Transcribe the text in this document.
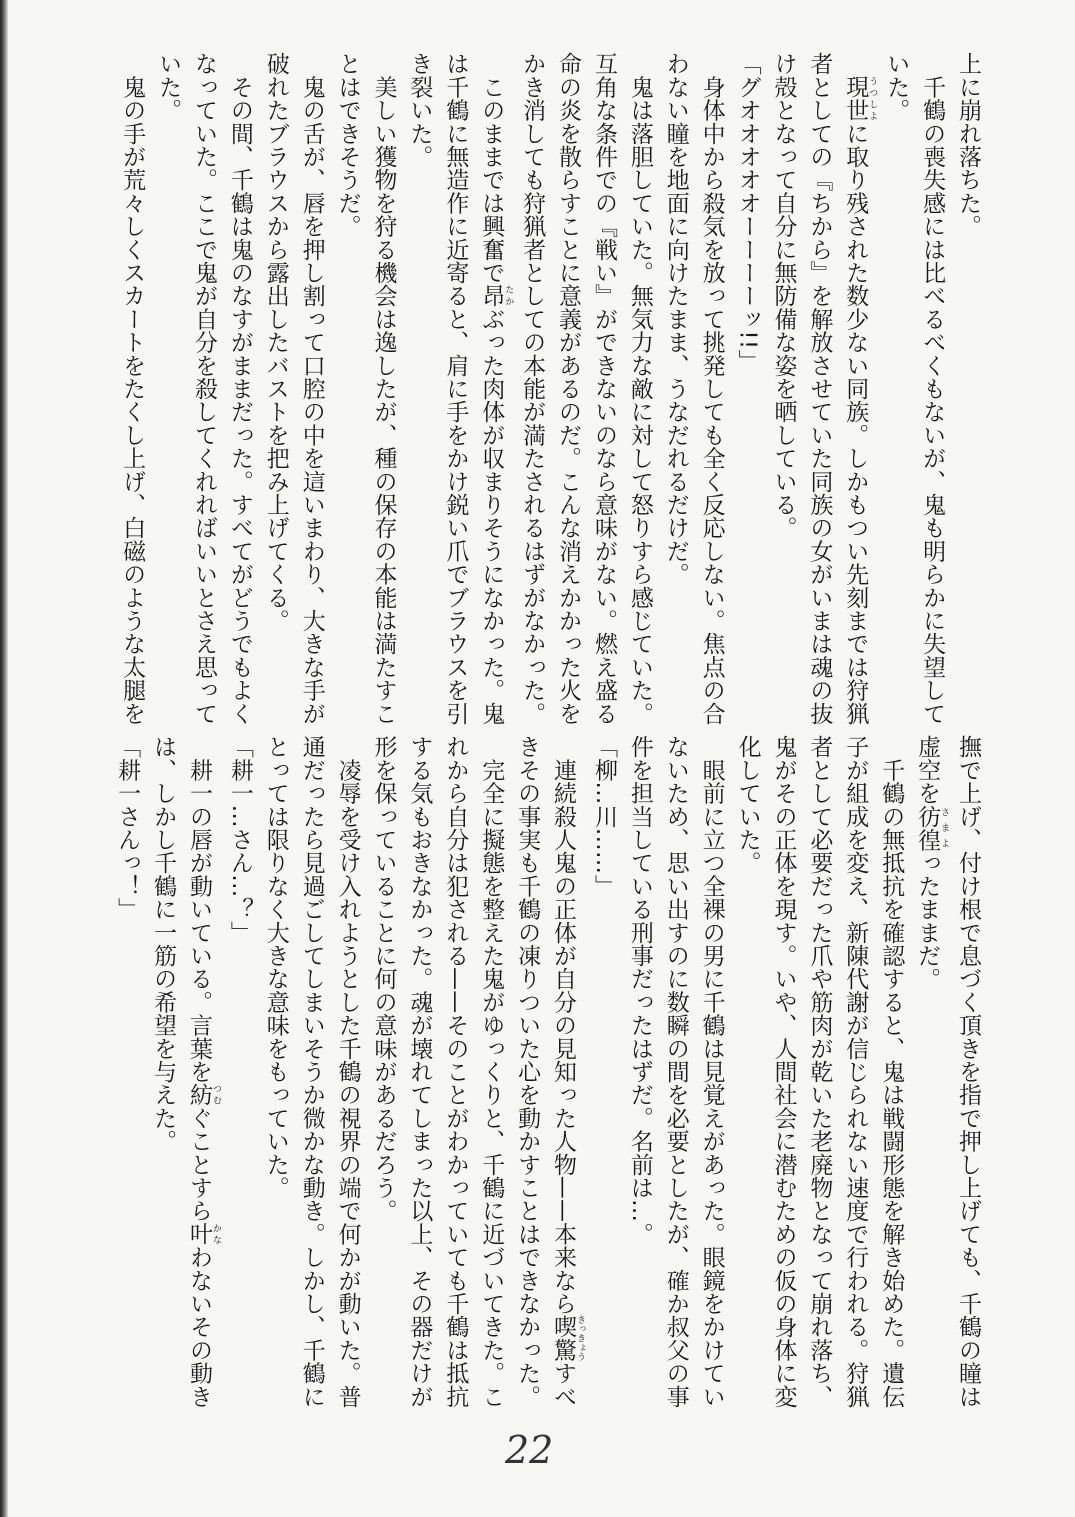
上に崩れ落ちた。
　千鶴の喪失感には比べるべくもないが、鬼も明らかに失望して
いた。
　現世 うつしよに取り残された数少ない同族。しかもつい先刻までは狩猟
者としての『ちから』を解放させていた同族の女がいまは魂の抜
け殻となって自分に無防備な姿を晒している。
「グオオオオオーーーーッ!!」
　身体中から殺気を放って挑発しても全く反応しない。焦点の合
わない瞳を地面に向けたまま、うなだれるだけだ。
　鬼は落胆していた。無気力な敵に対して怒りすら感じていた。
互角な条件での『戦い』ができないのなら意味がない。燃え盛る
命の炎を散らすことに意義があるのだ。こんな消えかかった火を
かき消しても狩猟者としての本能が満たされるはずがなかった。
　このままでは興奮で昂 たかぶった肉体が収まりそうになかった。鬼
は千鶴に無造作に近寄ると、肩に手をかけ鋭い爪でブラウスを引
き裂いた。
　美しい獲物を狩る機会は逸したが、種の保存の本能は満たすこ
とはできそうだ。
　鬼の舌が、唇を押し割って口腔の中を這いまわり、大きな手が
破れたブラウスから露出したバストを把み上げてくる。
　その間、千鶴は鬼のなすがままだった。すべてがどうでもよく
なっていた。ここで鬼が自分を殺してくれればいいとさえ思って
いた。
　鬼の手が荒々しくスカートをたくし上げ、白磁のような太腿を
撫で上げ、付け根で息づく頂きを指で押し上げても、千鶴の瞳は
虚空を彷徨 さまよったままだ。
　千鶴の無抵抗を確認すると、鬼は戦闘形態を解き始めた。遺伝
子が組成を変え、新陳代謝が信じられない速度で行われる。狩猟
者として必要だった爪や筋肉が乾いた老廃物となって崩れ落ち、
鬼がその正体を現す。いや、人間社会に潜むための仮の身体に変
化していた。
　眼前に立つ全裸の男に千鶴は見覚えがあった。眼鏡をかけてい
ないため、思い出すのに数瞬の間を必要としたが、確か叔父の事
件を担当している刑事だったはずだ。名前は…。
「柳…川……」
　連続殺人鬼の正体が自分の見知った人物——本来なら喫驚 きっきょうすべ
きその事実も千鶴の凍りついた心を動かすことはできなかった。
　完全に擬態を整えた鬼がゆっくりと、千鶴に近づいてきた。こ
れから自分は犯される——そのことがわかっていても千鶴は抵抗
する気もおきなかった。魂が壊れてしまった以上、その器だけが
形を保っていることに何の意味があるだろう。
　凌辱を受け入れようとした千鶴の視界の端で何かが動いた。普
通だったら見過ごしてしまいそうか微かな動き。しかし、千鶴に
とっては限りなく大きな意味をもっていた。
「耕一…さん…？」
　耕一の唇が動いている。言葉を紡 つむぐことすら叶 かなわないその動き
は、しかし千鶴に一筋の希望を与えた。
「耕一さんっ！」
22
